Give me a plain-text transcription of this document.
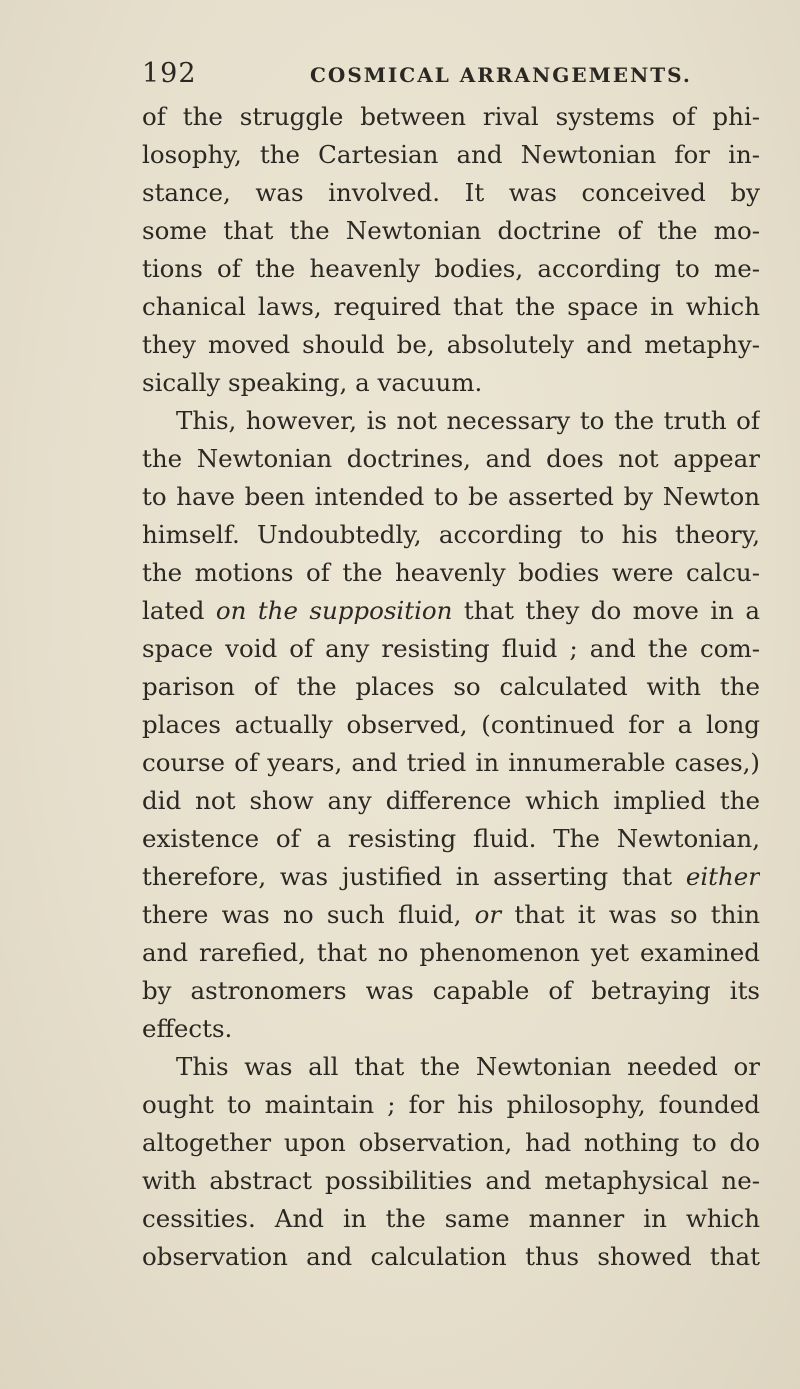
192	COSMICAL ARRANGEMENTS.
of the struggle between rival systems of phi-
losophy, the Cartesian and Newtonian for in-
stance, was involved. It was conceived by
some that the Newtonian doctrine of the mo-
tions of the heavenly bodies, according to me-
chanical laws, required that the space in which
they moved should be, absolutely and metaphy-
sically speaking, a vacuum.
This, however, is not necessary to the truth of
the Newtonian doctrines, and does not appear
to have been intended to be asserted by Newton
himself. Undoubtedly, according to his theory,
the motions of the heavenly bodies were calcu-
lated on the supposition that they do move in a
space void of any resisting fluid ; and the com-
parison of the places so calculated with the
places actually observed, (continued for a long
course of years, and tried in innumerable cases,)
did not show any difference which implied the
existence of a resisting fluid. The Newtonian,
therefore, was justified in asserting that either
there was no such fluid, or that it was so thin
and rarefied, that no phenomenon yet examined
by astronomers was capable of betraying its
effects.
This was all that the Newtonian needed or
ought to maintain ; for his philosophy, founded
altogether upon observation, had nothing to do
with abstract possibilities and metaphysical ne-
cessities. And in the same manner in which
observation and calculation thus showed that
